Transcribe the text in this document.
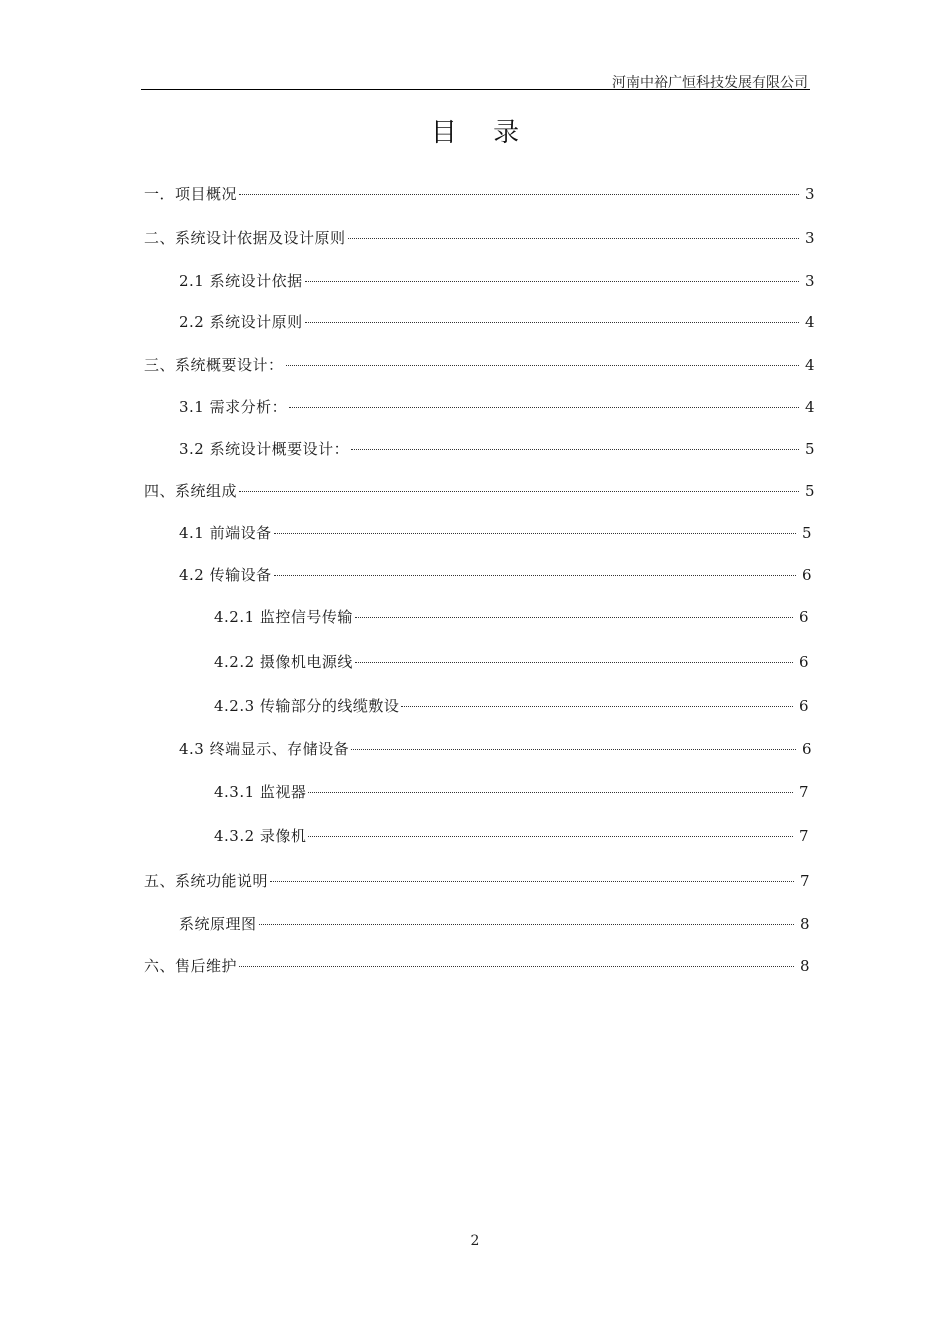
河南中裕广恒科技发展有限公司
目 录
一．项目概况	3
二、系统设计依据及设计原则	3
2.1 系统设计依据	3
2.2 系统设计原则	4
三、系统概要设计：	4
3.1 需求分析：	4
3.2 系统设计概要设计：	5
四、系统组成	5
4.1 前端设备	5
4.2 传输设备	6
4.2.1 监控信号传输	6
4.2.2 摄像机电源线	6
4.2.3 传输部分的线缆敷设	6
4.3 终端显示、存储设备	6
4.3.1 监视器	7
4.3.2 录像机	7
五、系统功能说明	7
系统原理图	8
六、售后维护	8
2
